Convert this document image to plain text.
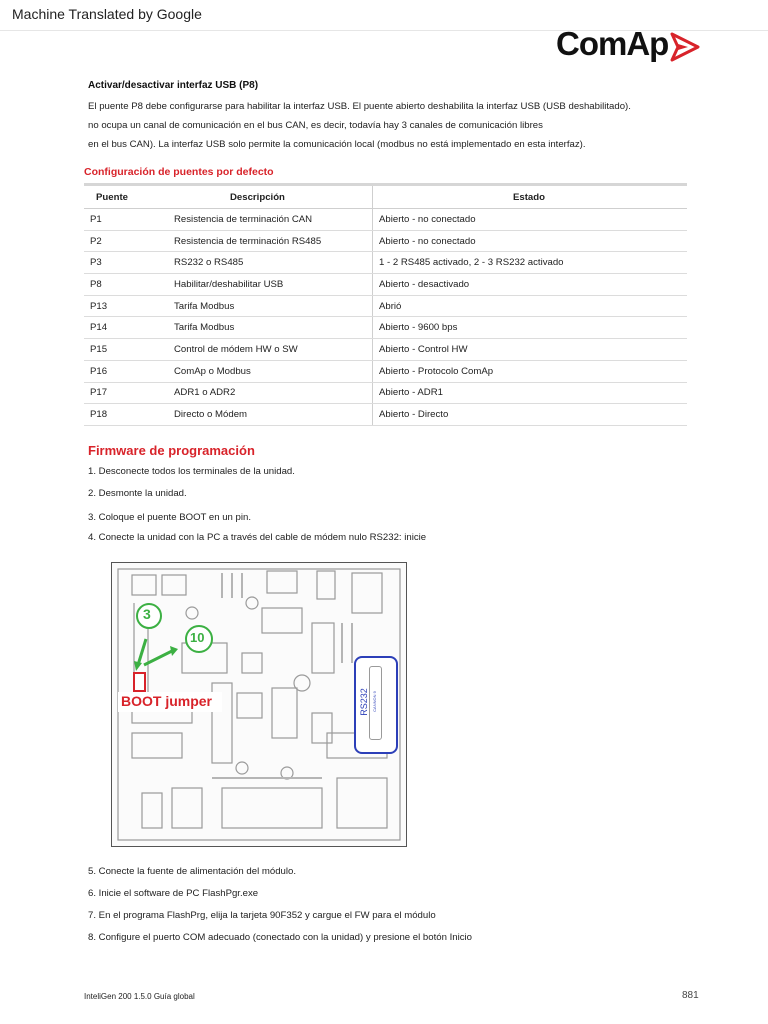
Machine Translated by Google
ComAp
Activar/desactivar interfaz USB (P8)
El puente P8 debe configurarse para habilitar la interfaz USB. El puente abierto deshabilita la interfaz USB (USB deshabilitado).
no ocupa un canal de comunicación en el bus CAN, es decir, todavía hay 3 canales de comunicación libres
en el bus CAN). La interfaz USB solo permite la comunicación local (modbus no está implementado en esta interfaz).
Configuración de puentes por defecto
Puente	Descripción	Estado
P1	Resistencia de terminación CAN	Abierto - no conectado
P2	Resistencia de terminación RS485	Abierto - no conectado
P3	RS232 o RS485	1 - 2 RS485 activado, 2 - 3 RS232 activado
P8	Habilitar/deshabilitar USB	Abierto - desactivado
P13	Tarifa Modbus	Abrió
P14	Tarifa Modbus	Abierto - 9600 bps
P15	Control de módem HW o SW	Abierto - Control HW
P16	ComAp o Modbus	Abierto - Protocolo ComAp
P17	ADR1 o ADR2	Abierto - ADR1
P18	Directo o Módem	Abierto - Directo
Firmware de programación
1. Desconecte todos los terminales de la unidad.
2. Desmonte la unidad.
3. Coloque el puente BOOT en un pin.
4. Conecte la unidad con la PC a través del cable de módem nulo RS232: inicie
3
10
BOOT jumper	RS232 CANNON 9
5. Conecte la fuente de alimentación del módulo.
6. Inicie el software de PC FlashPgr.exe
7. En el programa FlashPrg, elija la tarjeta 90F352 y cargue el FW para el módulo
8. Configure el puerto COM adecuado (conectado con la unidad) y presione el botón Inicio
InteliGen 200 1.5.0 Guía global	881
